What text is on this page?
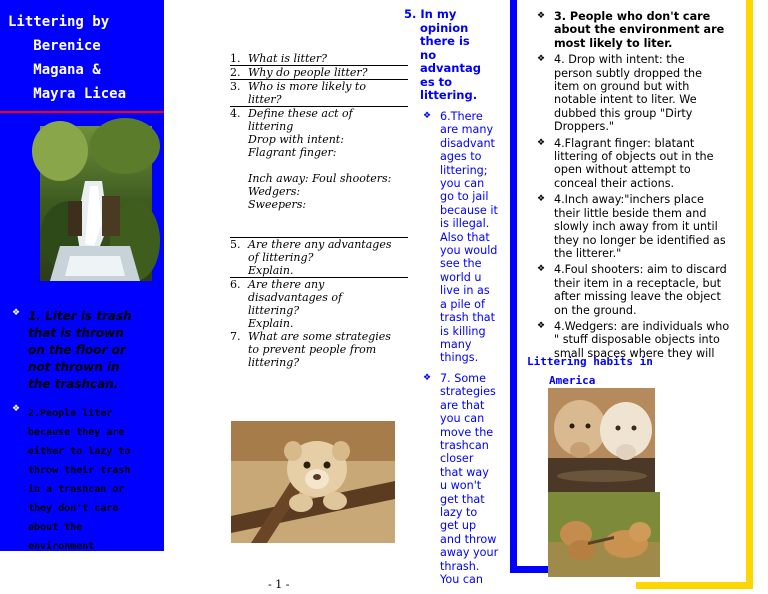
Littering by
Berenice
Magana &
Mayra Licea
❖ 1. Liter is trash
that is thrown
on the floor or
not thrown in
the trashcan.
❖ 2.People liter
because they are
either to lazy to
throw their trash
in a trashcan or
they don't care
about the
environment
1. What is litter?
2. Why do people litter?
3. Who is more likely to
litter?
4. Define these act of
littering
Drop with intent:
Flagrant finger:

Inch away: Foul shooters:
Wedgers:
Sweepers:

5. Are there any advantages
of littering?
Explain.
6. Are there any
disadvantages of
littering?
Explain.
7. What are some strategies
to prevent people from
littering?
- 1 -
5. In my
opinion
there is
no
advantag
es to
littering.
❖ 6.There
are many
disadvant
ages to
littering;
you can
go to jail
because it
is illegal.
Also that
you would
see the
world u
live in as
a pile of
trash that
is killing
many
things.
❖ 7. Some
strategies
are that
you can
move the
trashcan
closer
that way
u won't
get that
lazy to
get up
and throw
away your
thrash.
You can
❖ 3. People who don't care
about the environment are
most likely to liter.
❖ 4. Drop with intent: the
person subtly dropped the
item on ground but with
notable intent to liter. We
dubbed this group "Dirty
Droppers."
❖ 4.Flagrant finger: blatant
littering of objects out in the
open without attempt to
conceal their actions.
❖ 4.Inch away:"inchers place
their little beside them and
slowly inch away from it until
they no longer be identified as
the litterer."
❖ 4.Foul shooters: aim to discard
their item in a receptacle, but
after missing leave the object
on the ground.
❖ 4.Wedgers: are individuals who
" stuff disposable objects into
small spaces where they will
Littering habits in
America
